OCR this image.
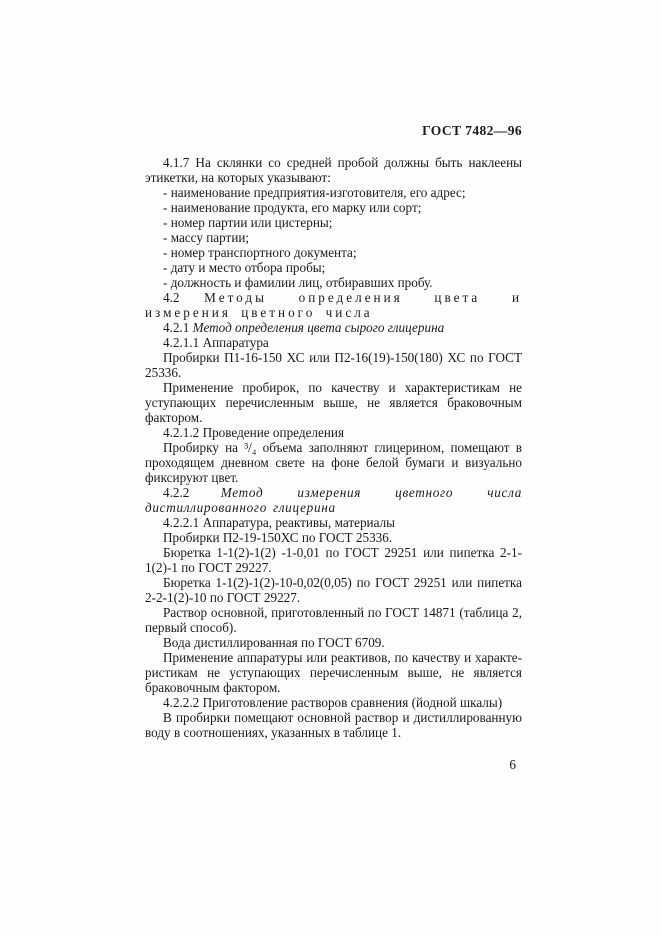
ГОСТ 7482—96

4.1.7 На склянки со средней пробой должны быть наклеены этикетки, на которых указывают:

- наименование предприятия-изготовителя, его адрес;

- наименование продукта, его марку или сорт;

- номер партии или цистерны;

- массу партии;

- номер транспортного документа;

- дату и место отбора пробы;

- должность и фамилии лиц, отбиравших пробу.

4.2 Методы определения цвета и измерения цветного числа

4.2.1 Метод определения цвета сырого глицерина

4.2.1.1 Аппаратура

Пробирки П1-16-150 ХС или П2-16(19)-150(180) ХС по ГОСТ 25336.

Применение пробирок, по качеству и характеристикам не уступающих перечисленным выше, не является браковочным фактором.

4.2.1.2 Проведение определения

Пробирку на ³/₄ объема заполняют глицерином, помещают в проходящем дневном свете на фоне белой бумаги и визуально фиксируют цвет.

4.2.2 Метод измерения цветного числа дистиллированного глицерина

4.2.2.1 Аппаратура, реактивы, материалы

Пробирки П2-19-150ХС по ГОСТ 25336.

Бюретка 1-1(2)-1(2) -1-0,01 по ГОСТ 29251 или пипетка 2-1-1(2)-1 по ГОСТ 29227.

Бюретка 1-1(2)-1(2)-10-0,02(0,05) по ГОСТ 29251 или пипетка 2-2-1(2)-10 по ГОСТ 29227.

Раствор основной, приготовленный по ГОСТ 14871 (таблица 2, первый способ).

Вода дистиллированная по ГОСТ 6709.

Применение аппаратуры или реактивов, по качеству и характеристикам не уступающих перечисленным выше, не является браковочным фактором.

4.2.2.2 Приготовление растворов сравнения (йодной шкалы)

В пробирки помещают основной раствор и дистиллированную воду в соотношениях, указанных в таблице 1.

6
